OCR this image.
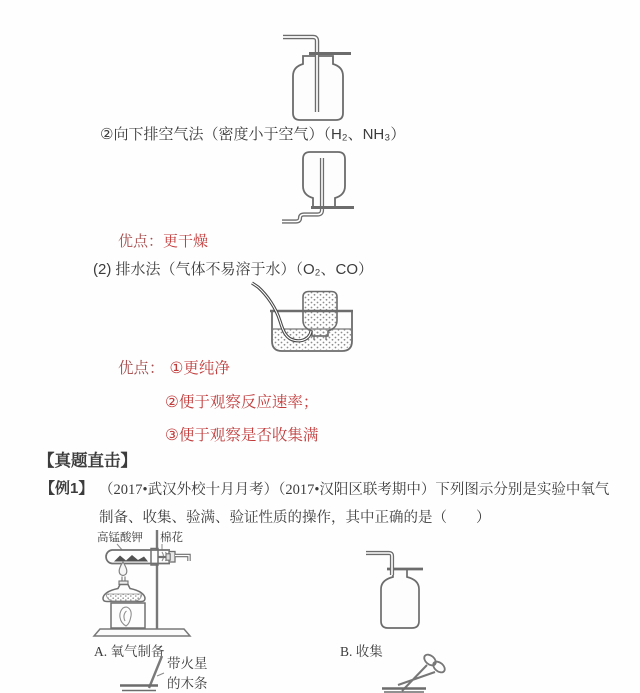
②向下排空气法（密度小于空气）（H₂、NH₃）
优点：更干燥
(2) 排水法（气体不易溶于水）（O₂、CO）
优点： ①更纯净
②便于观察反应速率；
③便于观察是否收集满
【真题直击】
【例1】 （2017•武汉外校十月月考）（2017•汉阳区联考期中）下列图示分别是实验中氧气
制备、收集、验满、验证性质的操作，其中正确的是（　　）
高锰酸钾 棉花
A. 氧气制备	B. 收集
带火星
的木条
